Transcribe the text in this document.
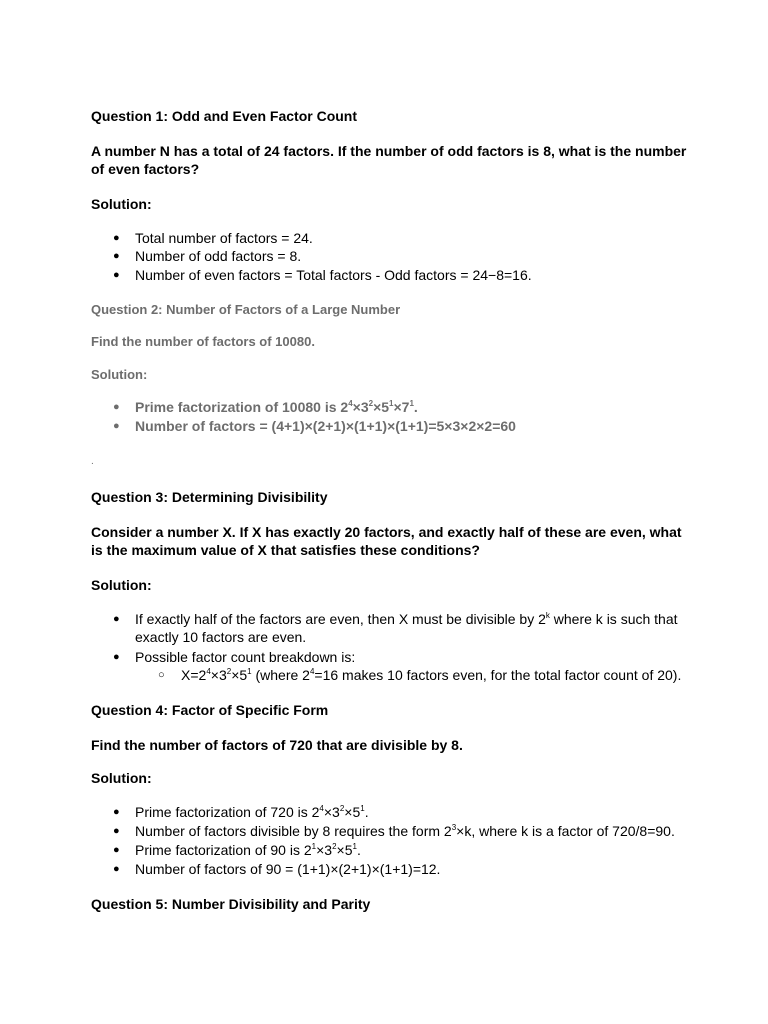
Question 1: Odd and Even Factor Count
A number N has a total of 24 factors. If the number of odd factors is 8, what is the number
of even factors?
Solution:
● Total number of factors = 24.
● Number of odd factors = 8.
● Number of even factors = Total factors - Odd factors = 24−8=16.
Question 2: Number of Factors of a Large Number
Find the number of factors of 10080.
Solution:
● Prime factorization of 10080 is $2^4\times 3^2\times 5^1\times 7^1$.
● Number of factors = (4+1)×(2+1)×(1+1)×(1+1)=5×3×2×2=60
.
Question 3: Determining Divisibility
Consider a number X. If X has exactly 20 factors, and exactly half of these are even, what
is the maximum value of X that satisfies these conditions?
Solution:
● If exactly half of the factors are even, then X must be divisible by 2$^k$ where k is such that
exactly 10 factors are even.
● Possible factor count breakdown is:
○ $X=2^4\times 3^2\times 5^1$ (where $2^4=16$ makes 10 factors even, for the total factor count of 20).
Question 4: Factor of Specific Form
Find the number of factors of 720 that are divisible by 8.
Solution:
● Prime factorization of 720 is $2^4\times 3^2\times 5^1$.
● Number of factors divisible by 8 requires the form $2^3\times k$, where k is a factor of 720/8=90.
● Prime factorization of 90 is $2^1\times 3^2\times 5^1$.
● Number of factors of 90 = (1+1)×(2+1)×(1+1)=12.
Question 5: Number Divisibility and Parity
